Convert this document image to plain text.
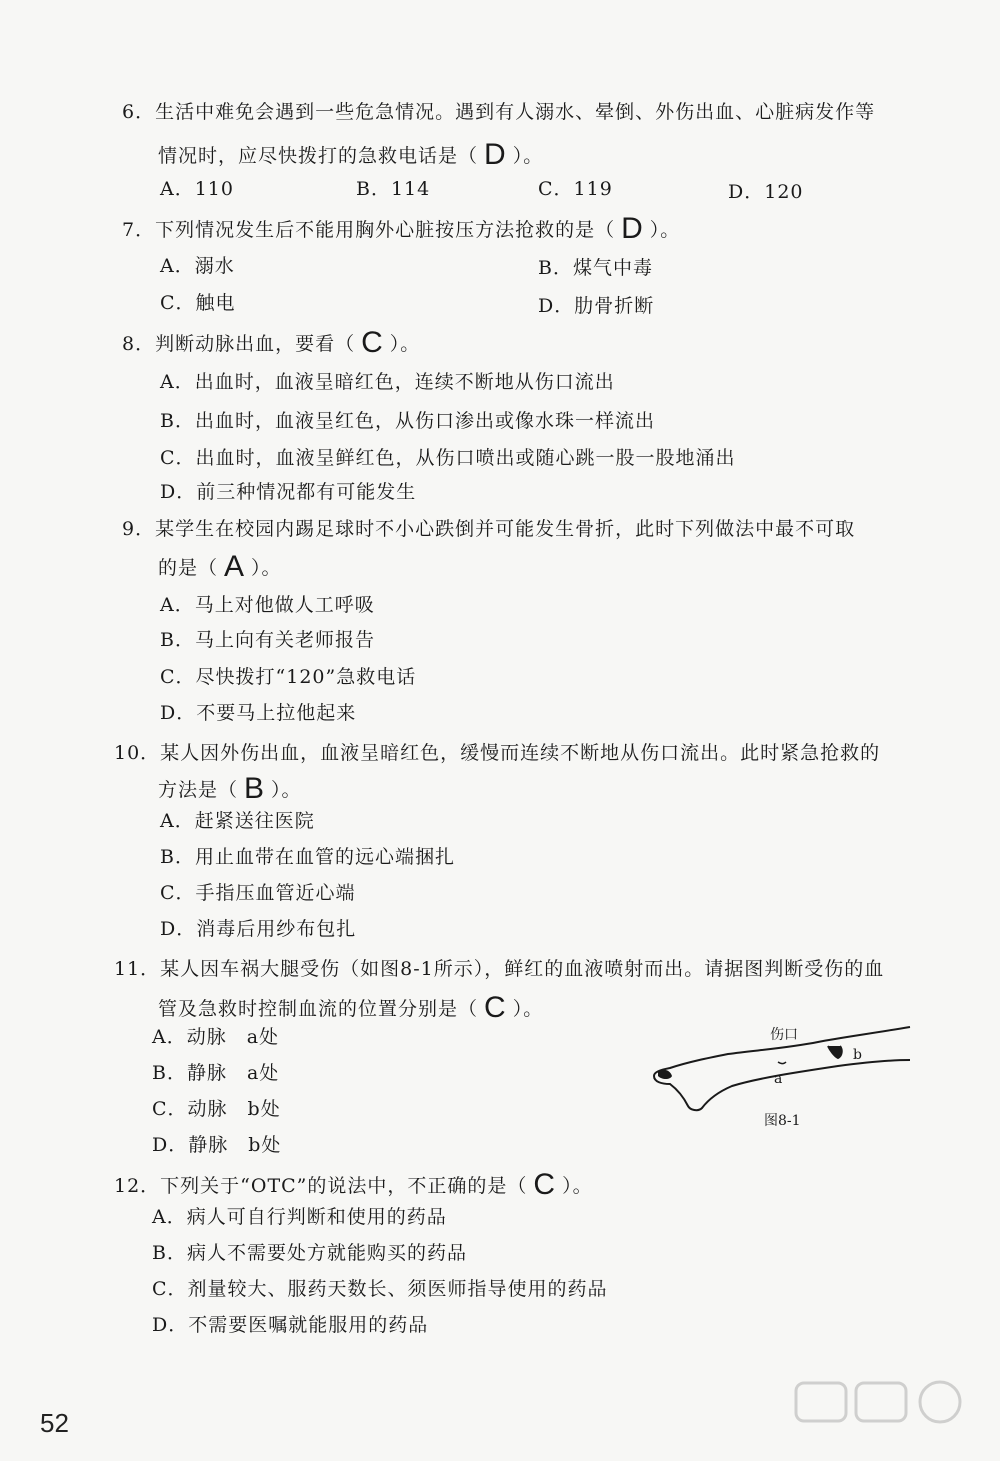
6．生活中难免会遇到一些危急情况。遇到有人溺水、晕倒、外伤出血、心脏病发作等
情况时，应尽快拨打的急救电话是（ D ）。
A．110	B．114	C．119	D．120
7．下列情况发生后不能用胸外心脏按压方法抢救的是（ D ）。
A．溺水	B．煤气中毒
C．触电	D．肋骨折断
8．判断动脉出血，要看（ C ）。
A．出血时，血液呈暗红色，连续不断地从伤口流出
B．出血时，血液呈红色，从伤口渗出或像水珠一样流出
C．出血时，血液呈鲜红色，从伤口喷出或随心跳一股一股地涌出
D．前三种情况都有可能发生
9．某学生在校园内踢足球时不小心跌倒并可能发生骨折，此时下列做法中最不可取
的是（ A ）。
A．马上对他做人工呼吸
B．马上向有关老师报告
C．尽快拨打“120”急救电话
D．不要马上拉他起来
10．某人因外伤出血，血液呈暗红色，缓慢而连续不断地从伤口流出。此时紧急抢救的
方法是（ B ）。
A．赶紧送往医院
B．用止血带在血管的远心端捆扎
C．手指压血管近心端
D．消毒后用纱布包扎
11．某人因车祸大腿受伤（如图8-1所示），鲜红的血液喷射而出。请据图判断受伤的血
管及急救时控制血流的位置分别是（ C ）。
A．动脉　a处
B．静脉　a处
C．动脉　b处
D．静脉　b处
伤口
b
a
图8-1
12．下列关于“OTC”的说法中，不正确的是（ C ）。
A．病人可自行判断和使用的药品
B．病人不需要处方就能购买的药品
C．剂量较大、服药天数长、须医师指导使用的药品
D．不需要医嘱就能服用的药品
52
